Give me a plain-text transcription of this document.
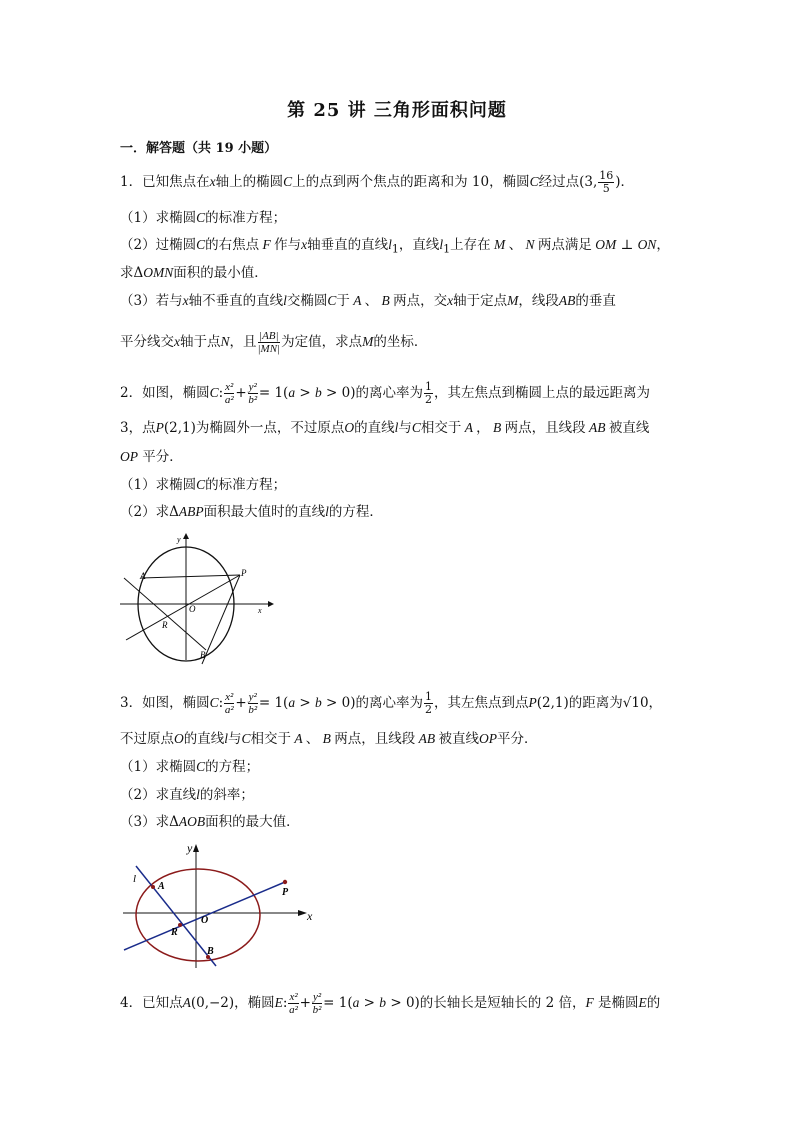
第 25 讲 三角形面积问题
一．解答题（共 19 小题）
1．已知焦点在x轴上的椭圆C上的点到两个焦点的距离和为 10，椭圆C经过点(3, $\frac{16}{5}$ )．
（1）求椭圆C的标准方程；
（2）过椭圆C的右焦点 F 作与x轴垂直的直线$l_1$，直线$l_1$上存在 M 、 N 两点满足 OM ⊥ ON，
求ΔOMN面积的最小值．
（3）若与x轴不垂直的直线l交椭圆C于 A 、 B 两点，交x轴于定点M，线段AB的垂直
平分线交x轴于点N，且 $\frac{|AB|}{|MN|}$ 为定值，求点M的坐标．
2．如图，椭圆C: $\frac{\text{x²}}{\text{a²}} + \frac{\text{y²}}{\text{b²}} = 1(a > b > 0)$的离心率为 $\frac{1}{2}$ ，其左焦点到椭圆上点的最远距离为
3，点P(2,1)为椭圆外一点，不过原点O的直线l与C相交于 A ， B 两点，且线段 AB 被直线
OP 平分．
（1）求椭圆C的标准方程；
（2）求ΔABP面积最大值时的直线l的方程．
A	P
O
R
B
x
y
3．如图，椭圆C: $\frac{\text{x²}}{\text{a²}} + \frac{\text{y²}}{\text{b²}} = 1(a > b > 0)$的离心率为 $\frac{1}{2}$ ，其左焦点到点P(2,1)的距离为√10，
不过原点O的直线l与C相交于 A 、 B 两点，且线段 AB 被直线OP平分．
（1）求椭圆C的方程；
（2）求直线l的斜率；
（3）求ΔAOB面积的最大值．
l
A
P
O
R
B
x
y
4．已知点A(0,−2)，椭圆E: $\frac{\text{x²}}{\text{a²}} + \frac{\text{y²}}{\text{b²}} = 1(a > b > 0)$的长轴长是短轴长的 2 倍，F 是椭圆E的
